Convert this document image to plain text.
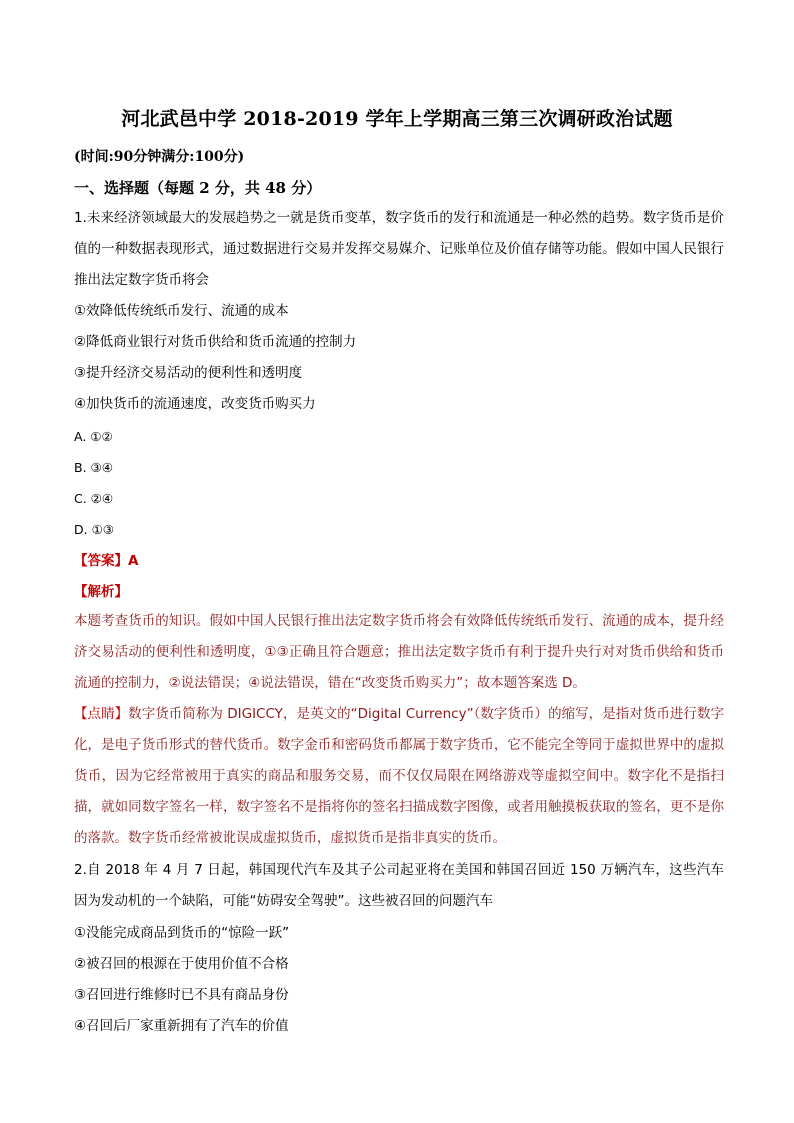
河北武邑中学 2018-2019 学年上学期高三第三次调研政治试题
(时间:90分钟满分:100分)
一、选择题（每题 2 分，共 48 分）
1.未来经济领域最大的发展趋势之一就是货币变革，数字货币的发行和流通是一种必然的趋势。数字货币是价值的一种数据表现形式，通过数据进行交易并发挥交易媒介、记账单位及价值存储等功能。假如中国人民银行推出法定数字货币将会
①效降低传统纸币发行、流通的成本
②降低商业银行对货币供给和货币流通的控制力
③提升经济交易活动的便利性和透明度
④加快货币的流通速度，改变货币购买力
A. ①②
B. ③④
C. ②④
D. ①③
【答案】A
【解析】
本题考查货币的知识。假如中国人民银行推出法定数字货币将会有效降低传统纸币发行、流通的成本，提升经济交易活动的便利性和透明度，①③正确且符合题意；推出法定数字货币有利于提升央行对对货币供给和货币流通的控制力，②说法错误；④说法错误，错在“改变货币购买力”；故本题答案选 D。
【点睛】数字货币简称为 DIGICCY，是英文的“Digital Currency”（数字货币）的缩写，是指对货币进行数字化，是电子货币形式的替代货币。数字金币和密码货币都属于数字货币，它不能完全等同于虚拟世界中的虚拟货币，因为它经常被用于真实的商品和服务交易，而不仅仅局限在网络游戏等虚拟空间中。数字化不是指扫描，就如同数字签名一样，数字签名不是指将你的签名扫描成数字图像，或者用触摸板获取的签名，更不是你的落款。数字货币经常被讹误成虚拟货币，虚拟货币是指非真实的货币。
2.自 2018 年 4 月 7 日起，韩国现代汽车及其子公司起亚将在美国和韩国召回近 150 万辆汽车，这些汽车因为发动机的一个缺陷，可能“妨碍安全驾驶”。这些被召回的问题汽车
①没能完成商品到货币的“惊险一跃”
②被召回的根源在于使用价值不合格
③召回进行维修时已不具有商品身份
④召回后厂家重新拥有了汽车的价值
